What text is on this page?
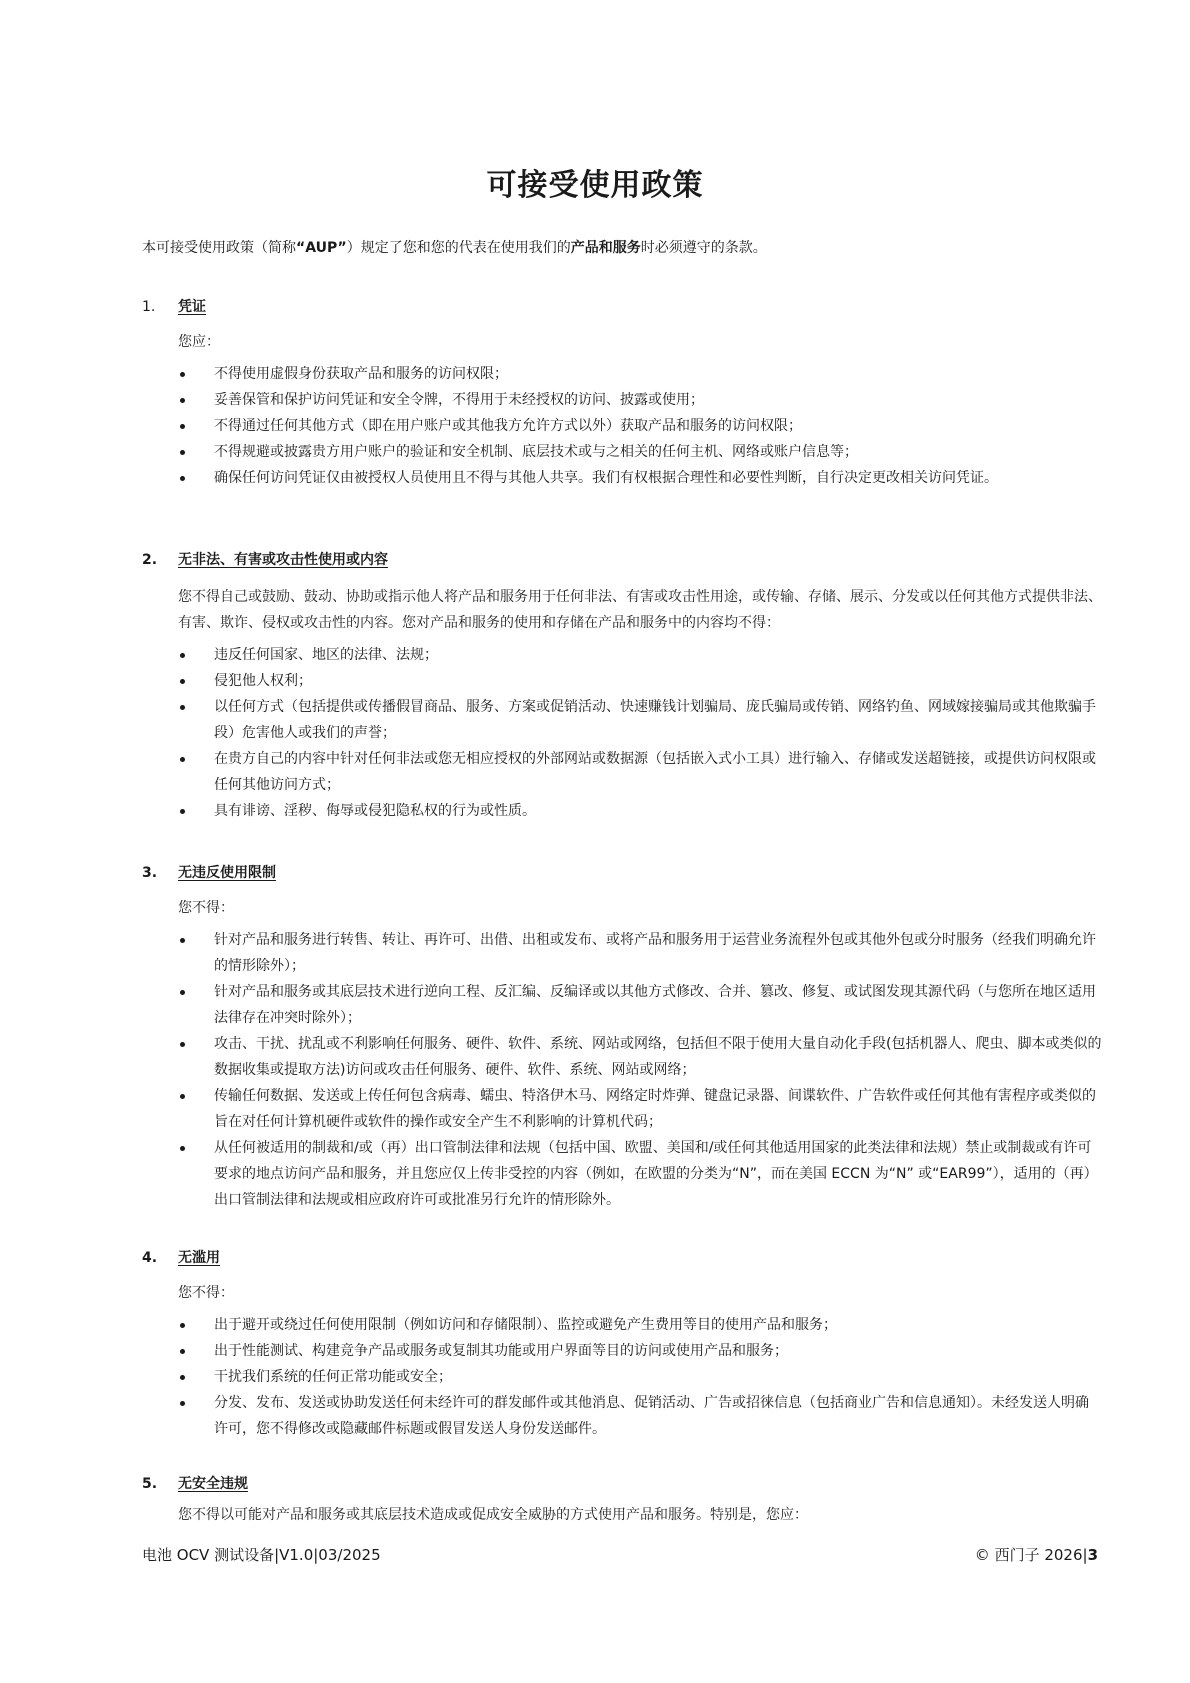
可接受使用政策
本可接受使用政策（简称“AUP”）规定了您和您的代表在使用我们的产品和服务时必须遵守的条款。
1.	凭证
您应：
不得使用虚假身份获取产品和服务的访问权限；
妥善保管和保护访问凭证和安全令牌，不得用于未经授权的访问、披露或使用；
不得通过任何其他方式（即在用户账户或其他我方允许方式以外）获取产品和服务的访问权限；
不得规避或披露贵方用户账户的验证和安全机制、底层技术或与之相关的任何主机、网络或账户信息等；
确保任何访问凭证仅由被授权人员使用且不得与其他人共享。我们有权根据合理性和必要性判断，自行决定更改相关访问凭证。
2.	无非法、有害或攻击性使用或内容
您不得自己或鼓励、鼓动、协助或指示他人将产品和服务用于任何非法、有害或攻击性用途，或传输、存储、展示、分发或以任何其他方式提供非法、有害、欺诈、侵权或攻击性的内容。您对产品和服务的使用和存储在产品和服务中的内容均不得：
违反任何国家、地区的法律、法规；
侵犯他人权利；
以任何方式（包括提供或传播假冒商品、服务、方案或促销活动、快速赚钱计划骗局、庞氏骗局或传销、网络钓鱼、网域嫁接骗局或其他欺骗手段）危害他人或我们的声誉；
在贵方自己的内容中针对任何非法或您无相应授权的外部网站或数据源（包括嵌入式小工具）进行输入、存储或发送超链接，或提供访问权限或任何其他访问方式；
具有诽谤、淫秽、侮辱或侵犯隐私权的行为或性质。
3.	无违反使用限制
您不得：
针对产品和服务进行转售、转让、再许可、出借、出租或发布、或将产品和服务用于运营业务流程外包或其他外包或分时服务（经我们明确允许的情形除外）；
针对产品和服务或其底层技术进行逆向工程、反汇编、反编译或以其他方式修改、合并、篡改、修复、或试图发现其源代码（与您所在地区适用法律存在冲突时除外）；
攻击、干扰、扰乱或不利影响任何服务、硬件、软件、系统、网站或网络，包括但不限于使用大量自动化手段(包括机器人、爬虫、脚本或类似的数据收集或提取方法)访问或攻击任何服务、硬件、软件、系统、网站或网络；
传输任何数据、发送或上传任何包含病毒、蠕虫、特洛伊木马、网络定时炸弹、键盘记录器、间谍软件、广告软件或任何其他有害程序或类似的旨在对任何计算机硬件或软件的操作或安全产生不利影响的计算机代码；
从任何被适用的制裁和/或（再）出口管制法律和法规（包括中国、欧盟、美国和/或任何其他适用国家的此类法律和法规）禁止或制裁或有许可要求的地点访问产品和服务，并且您应仅上传非受控的内容（例如，在欧盟的分类为“N”，而在美国 ECCN 为“N” 或“EAR99”），适用的（再）出口管制法律和法规或相应政府许可或批准另行允许的情形除外。
4.	无滥用
您不得：
出于避开或绕过任何使用限制（例如访问和存储限制）、监控或避免产生费用等目的使用产品和服务；
出于性能测试、构建竞争产品或服务或复制其功能或用户界面等目的访问或使用产品和服务；
干扰我们系统的任何正常功能或安全；
分发、发布、发送或协助发送任何未经许可的群发邮件或其他消息、促销活动、广告或招徕信息（包括商业广告和信息通知）。未经发送人明确许可，您不得修改或隐藏邮件标题或假冒发送人身份发送邮件。
5.	无安全违规
您不得以可能对产品和服务或其底层技术造成或促成安全威胁的方式使用产品和服务。特别是，您应：
电池 OCV 测试设备|V1.0|03/2025	© 西门子 2026|3
